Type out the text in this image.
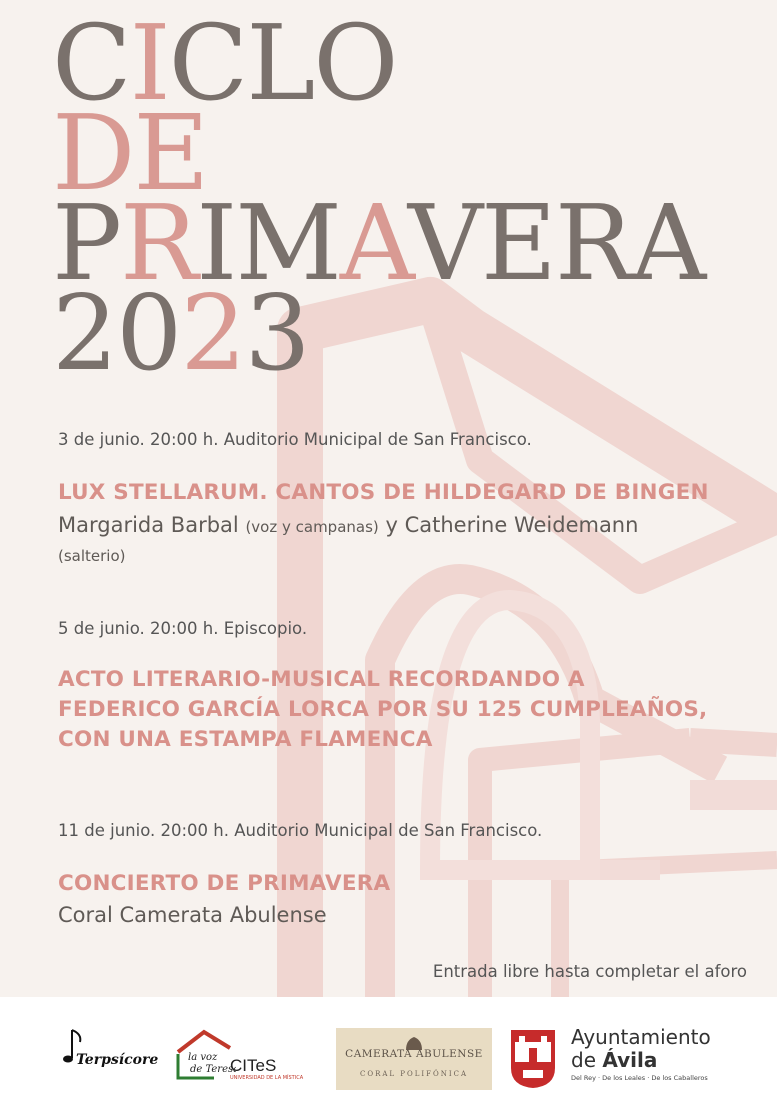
CICLO
DE
PRIMAVERA
2023
3 de junio. 20:00 h. Auditorio Municipal de San Francisco.
LUX STELLARUM. CANTOS DE HILDEGARD DE BINGEN
Margarida Barbal (voz y campanas) y Catherine Weidemann
(salterio)
5 de junio. 20:00 h. Episcopio.
ACTO LITERARIO-MUSICAL RECORDANDO A
FEDERICO GARCÍA LORCA POR SU 125 CUMPLEAÑOS,
CON UNA ESTAMPA FLAMENCA
11 de junio. 20:00 h. Auditorio Municipal de San Francisco.
CONCIERTO DE PRIMAVERA
Coral Camerata Abulense
Entrada libre hasta completar el aforo
Terpsícore	la voz
de Teresa
CITeS
UNIVERSIDAD DE LA MÍSTICA
CAMERATA ABULENSE
CORAL POLIFÓNICA
Ayuntamiento
de Ávila
Del Rey · De los Leales · De los Caballeros
